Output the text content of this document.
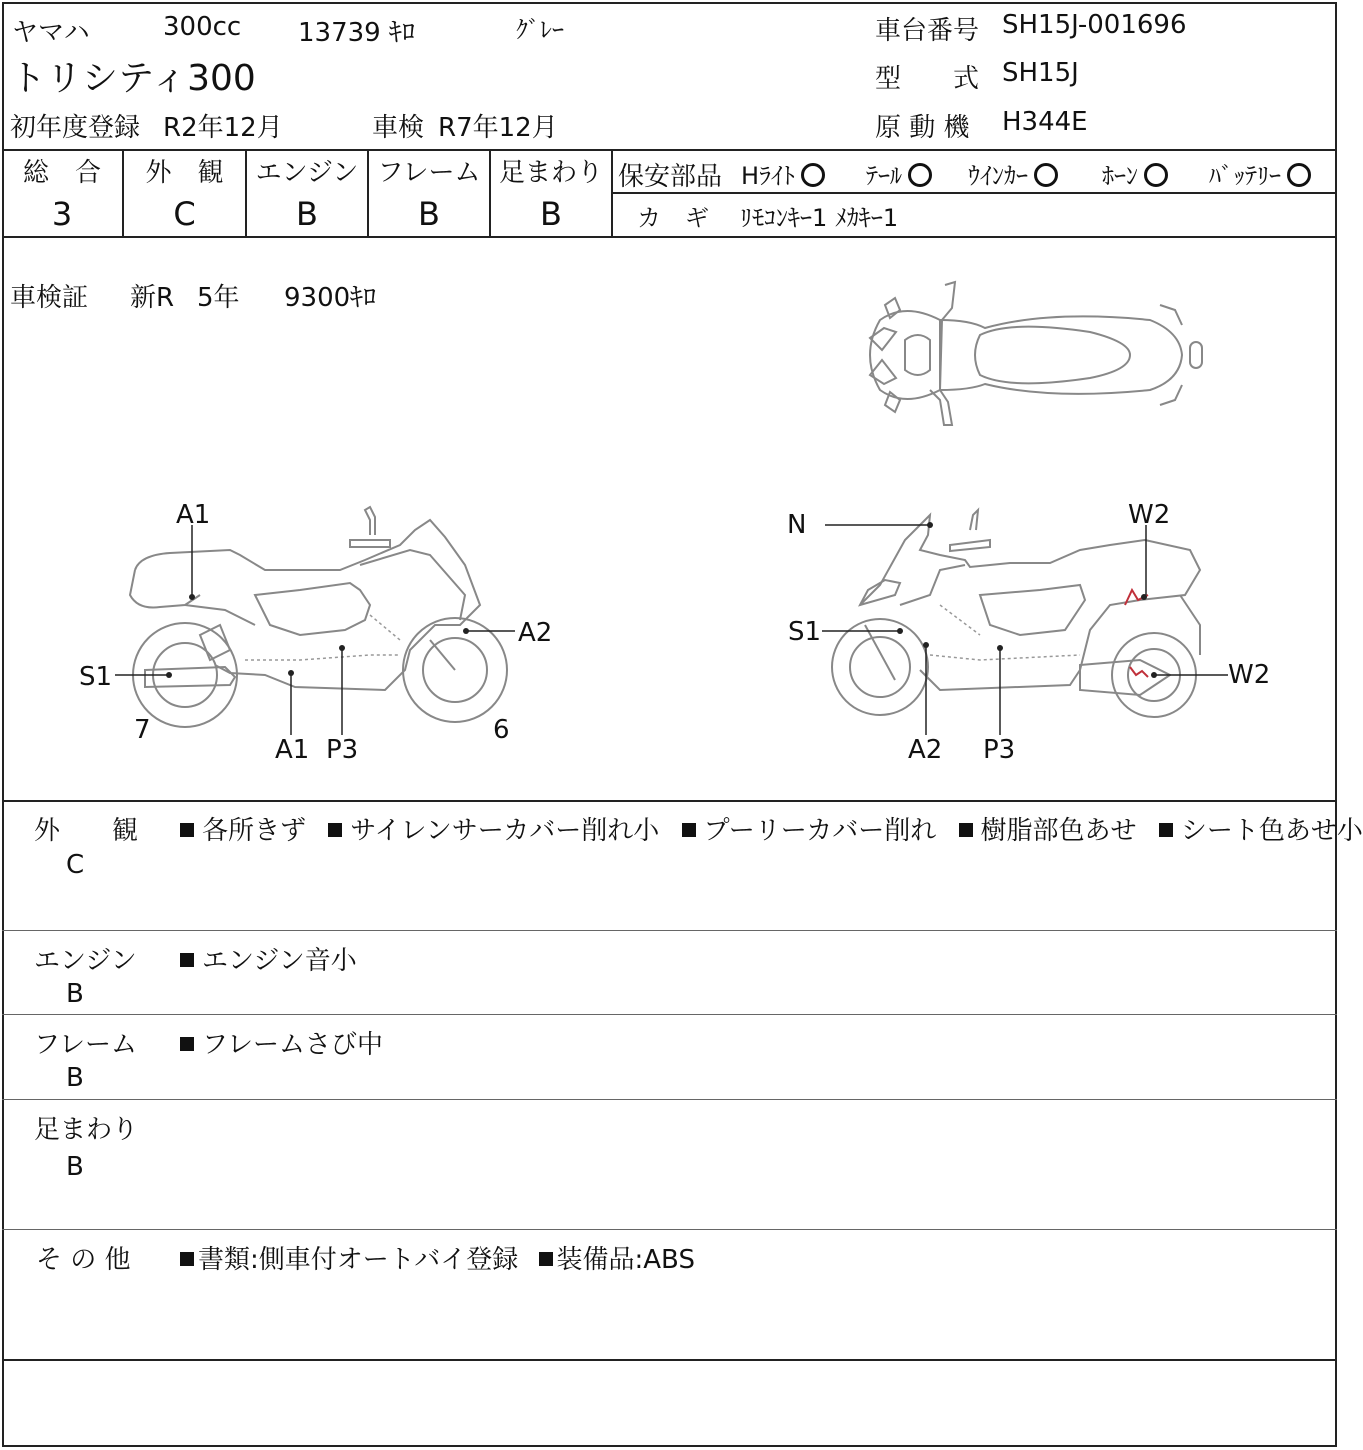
ヤマハ	300cc 13739 ｷﾛ	ｸﾞﾚｰ
トリシティ300
初年度登録 R2年12月	車検 R7年12月
車台番号 SH15J-001696
型　　式 SH15J
原 動 機 H344E
総　合
3
外　観
C
エンジン
B
フレーム
B
足まわり
B
保安部品 Hﾗｲﾄ	ﾃｰﾙ	ｳｲﾝｶｰ	ﾎｰﾝ	ﾊﾞｯﾃﾘｰ
カ　ギ ﾘﾓｺﾝｷｰ1 ﾒｶｷｰ1
車検証 新R 5年 9300ｷﾛ
A1
A2
S1
7	6
A1 P3
N	W2
S1
W2
A2 P3
外　　観
C
各所きず サイレンサーカバー削れ小 プーリーカバー削れ 樹脂部色あせ シート色あせ小
エンジン
B
エンジン音小
フレーム
B
フレームさび中
足まわり
B
そ の 他	書類:側車付オートバイ登録 装備品:ABS
